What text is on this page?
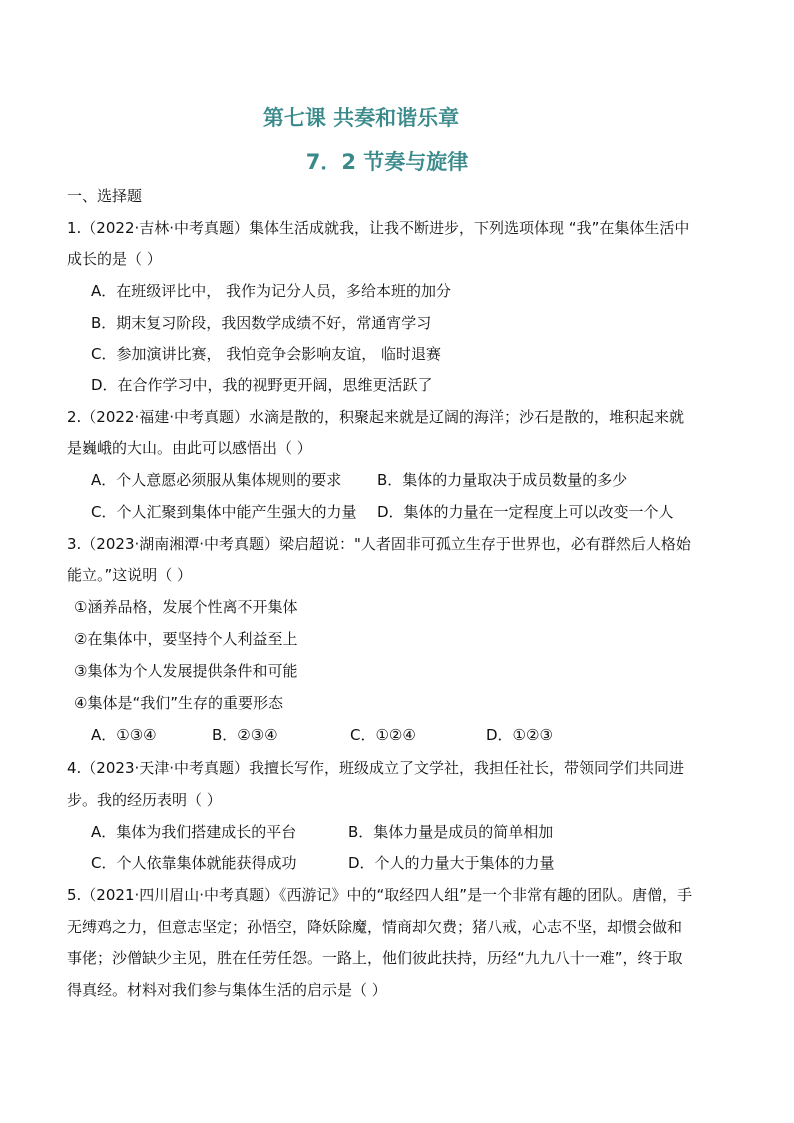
第七课 共奏和谐乐章
7．2 节奏与旋律
一、选择题
1.（2022·吉林·中考真题）集体生活成就我，让我不断进步，下列选项体现 “我”在集体生活中
成长的是（ ）
A．在班级评比中， 我作为记分人员，多给本班的加分
B．期末复习阶段，我因数学成绩不好，常通宵学习
C．参加演讲比赛， 我怕竞争会影响友谊， 临时退赛
D．在合作学习中，我的视野更开阔，思维更活跃了
2.（2022·福建·中考真题）水滴是散的，积聚起来就是辽阔的海洋；沙石是散的，堆积起来就
是巍峨的大山。由此可以感悟出（ ）
A．个人意愿必须服从集体规则的要求 B．集体的力量取决于成员数量的多少
C．个人汇聚到集体中能产生强大的力量 D．集体的力量在一定程度上可以改变一个人
3.（2023·湖南湘潭·中考真题）梁启超说："人者固非可孤立生存于世界也，必有群然后人格始
能立。”这说明（ ）
①涵养品格，发展个性离不开集体
②在集体中，要坚持个人利益至上
③集体为个人发展提供条件和可能
④集体是“我们”生存的重要形态
A．①③④	B．②③④	C．①②④	D．①②③
4.（2023·天津·中考真题）我擅长写作，班级成立了文学社，我担任社长，带领同学们共同进
步。我的经历表明（ ）
A．集体为我们搭建成长的平台	B．集体力量是成员的简单相加
C．个人依靠集体就能获得成功	D．个人的力量大于集体的力量
5.（2021·四川眉山·中考真题）《西游记》中的“取经四人组”是一个非常有趣的团队。唐僧，手
无缚鸡之力，但意志坚定；孙悟空，降妖除魔，情商却欠费；猪八戒，心志不坚，却惯会做和
事佬；沙僧缺少主见，胜在任劳任怨。一路上，他们彼此扶持，历经“九九八十一难”，终于取
得真经。材料对我们参与集体生活的启示是（ ）
